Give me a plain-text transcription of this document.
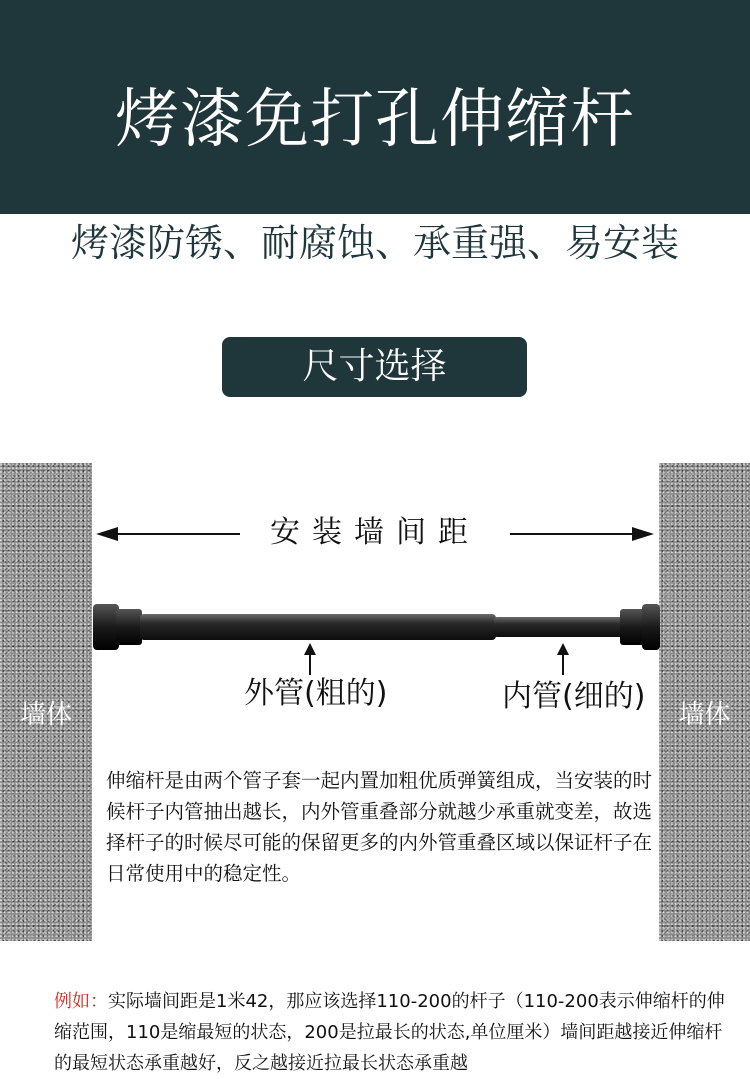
烤漆免打孔伸缩杆
烤漆防锈、耐腐蚀、承重强、易安装
尺寸选择
墙体	墙体
安装墙间距
外管(粗的)	内管(细的)
伸缩杆是由两个管子套一起内置加粗优质弹簧组成，当安装的时候杆子内管抽出越长，内外管重叠部分就越少承重就变差，故选择杆子的时候尽可能的保留更多的内外管重叠区域以保证杆子在日常使用中的稳定性。
例如：实际墙间距是1米42，那应该选择110-200的杆子（110-200表示伸缩杆的伸缩范围，110是缩最短的状态，200是拉最长的状态,单位厘米）墙间距越接近伸缩杆的最短状态承重越好，反之越接近拉最长状态承重越
